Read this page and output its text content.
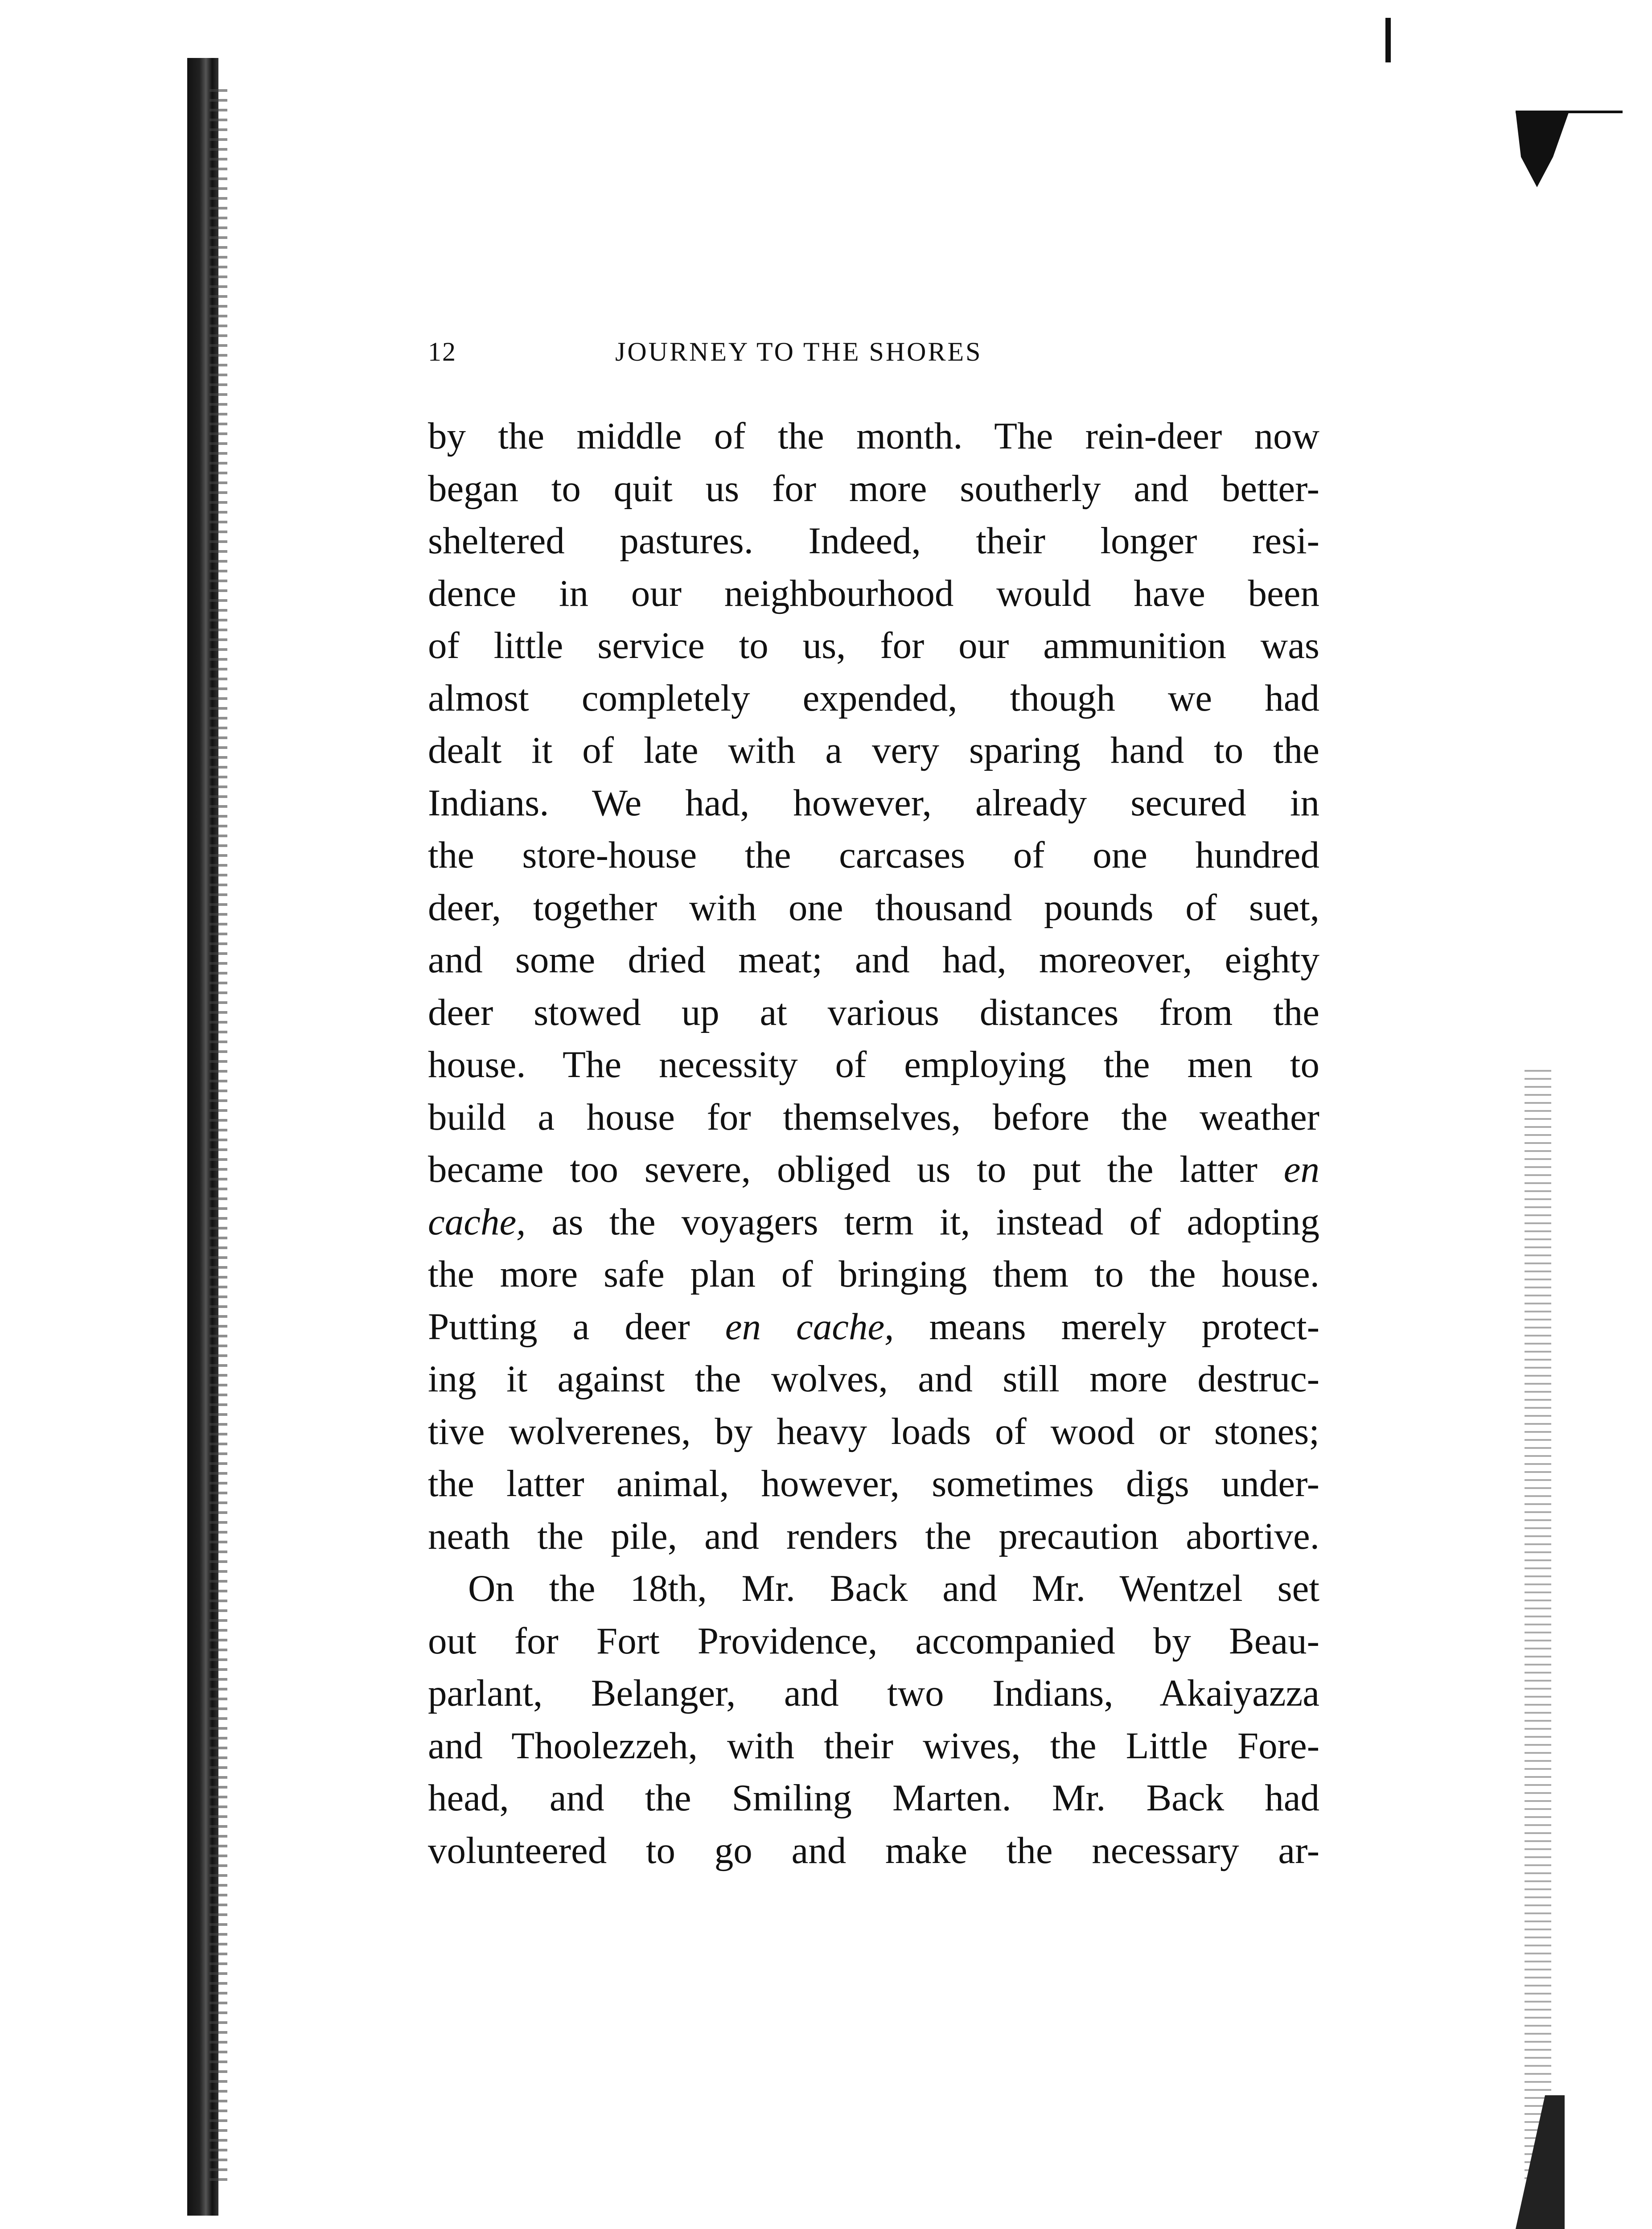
12	JOURNEY TO THE SHORES
by the middle of the month. The rein-deer now
began to quit us for more southerly and better-
sheltered pastures. Indeed, their longer resi-
dence in our neighbourhood would have been
of little service to us, for our ammunition was
almost completely expended, though we had
dealt it of late with a very sparing hand to the
Indians. We had, however, already secured in
the store-house the carcases of one hundred
deer, together with one thousand pounds of suet,
and some dried meat; and had, moreover, eighty
deer stowed up at various distances from the
house. The necessity of employing the men to
build a house for themselves, before the weather
became too severe, obliged us to put the latter en
cache, as the voyagers term it, instead of adopting
the more safe plan of bringing them to the house.
Putting a deer en cache, means merely protect-
ing it against the wolves, and still more destruc-
tive wolverenes, by heavy loads of wood or stones;
the latter animal, however, sometimes digs under-
neath the pile, and renders the precaution abortive.
On the 18th, Mr. Back and Mr. Wentzel set
out for Fort Providence, accompanied by Beau-
parlant, Belanger, and two Indians, Akaiyazza
and Thoolezzeh, with their wives, the Little Fore-
head, and the Smiling Marten. Mr. Back had
volunteered to go and make the necessary ar-
